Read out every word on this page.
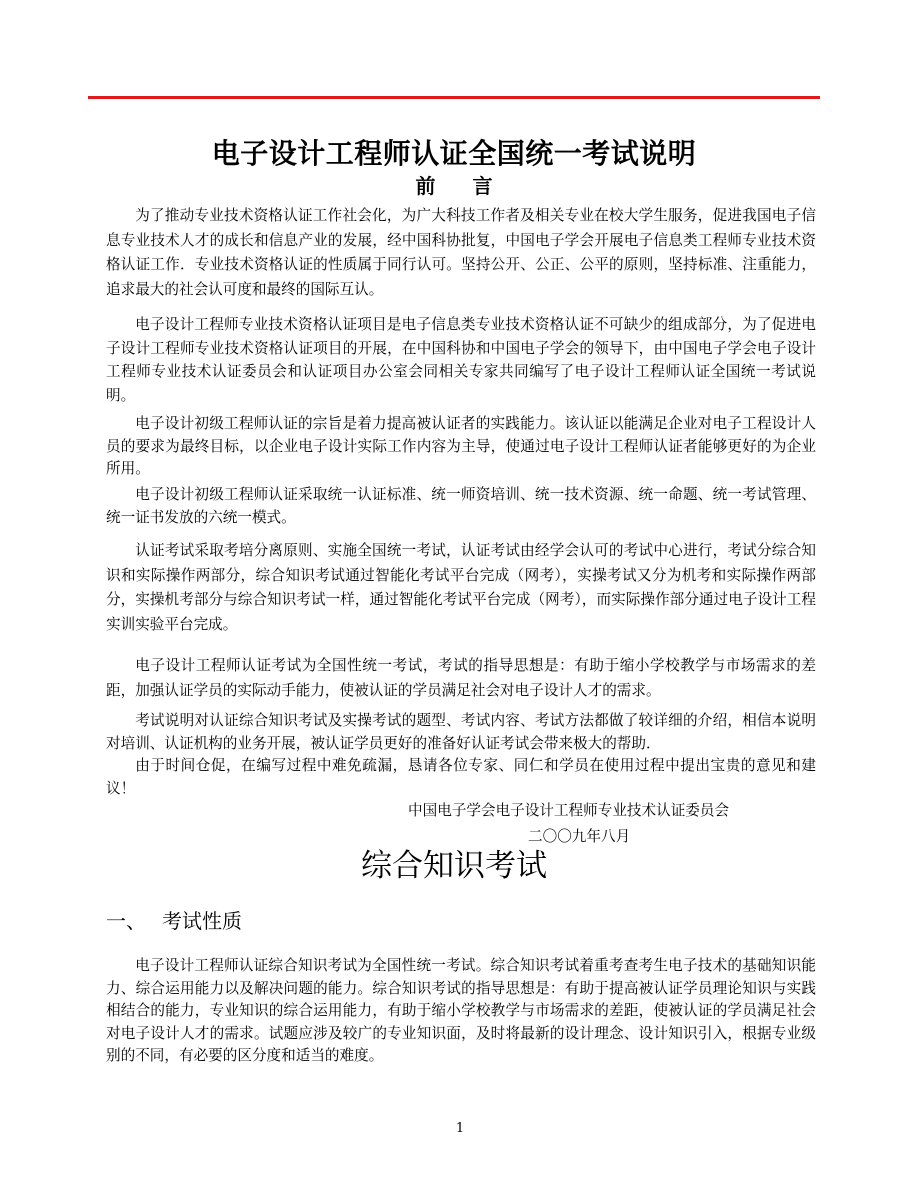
电子设计工程师认证全国统一考试说明
前 言

为了推动专业技术资格认证工作社会化，为广大科技工作者及相关专业在校大学生服务，促进我国电子信息专业技术人才的成长和信息产业的发展，经中国科协批复，中国电子学会开展电子信息类工程师专业技术资格认证工作．专业技术资格认证的性质属于同行认可。坚持公开、公正、公平的原则，坚持标准、注重能力，追求最大的社会认可度和最终的国际互认。

电子设计工程师专业技术资格认证项目是电子信息类专业技术资格认证不可缺少的组成部分，为了促进电子设计工程师专业技术资格认证项目的开展，在中国科协和中国电子学会的领导下，由中国电子学会电子设计工程师专业技术认证委员会和认证项目办公室会同相关专家共同编写了电子设计工程师认证全国统一考试说明。

电子设计初级工程师认证的宗旨是着力提高被认证者的实践能力。该认证以能满足企业对电子工程设计人员的要求为最终目标，以企业电子设计实际工作内容为主导，使通过电子设计工程师认证者能够更好的为企业所用。

电子设计初级工程师认证采取统一认证标准、统一师资培训、统一技术资源、统一命题、统一考试管理、统一证书发放的六统一模式。

认证考试采取考培分离原则、实施全国统一考试，认证考试由经学会认可的考试中心进行，考试分综合知识和实际操作两部分，综合知识考试通过智能化考试平台完成（网考），实操考试又分为机考和实际操作两部分，实操机考部分与综合知识考试一样，通过智能化考试平台完成（网考），而实际操作部分通过电子设计工程实训实验平台完成。

电子设计工程师认证考试为全国性统一考试，考试的指导思想是：有助于缩小学校教学与市场需求的差距，加强认证学员的实际动手能力，使被认证的学员满足社会对电子设计人才的需求。

考试说明对认证综合知识考试及实操考试的题型、考试内容、考试方法都做了较详细的介绍，相信本说明对培训、认证机构的业务开展，被认证学员更好的准备好认证考试会带来极大的帮助．

由于时间仓促，在编写过程中难免疏漏，恳请各位专家、同仁和学员在使用过程中提出宝贵的意见和建议！

中国电子学会电子设计工程师专业技术认证委员会
二〇〇九年八月
综合知识考试
一、 考试性质

电子设计工程师认证综合知识考试为全国性统一考试。综合知识考试着重考查考生电子技术的基础知识能力、综合运用能力以及解决问题的能力。综合知识考试的指导思想是：有助于提高被认证学员理论知识与实践相结合的能力，专业知识的综合运用能力，有助于缩小学校教学与市场需求的差距，使被认证的学员满足社会对电子设计人才的需求。试题应涉及较广的专业知识面，及时将最新的设计理念、设计知识引入，根据专业级别的不同，有必要的区分度和适当的难度。

1
